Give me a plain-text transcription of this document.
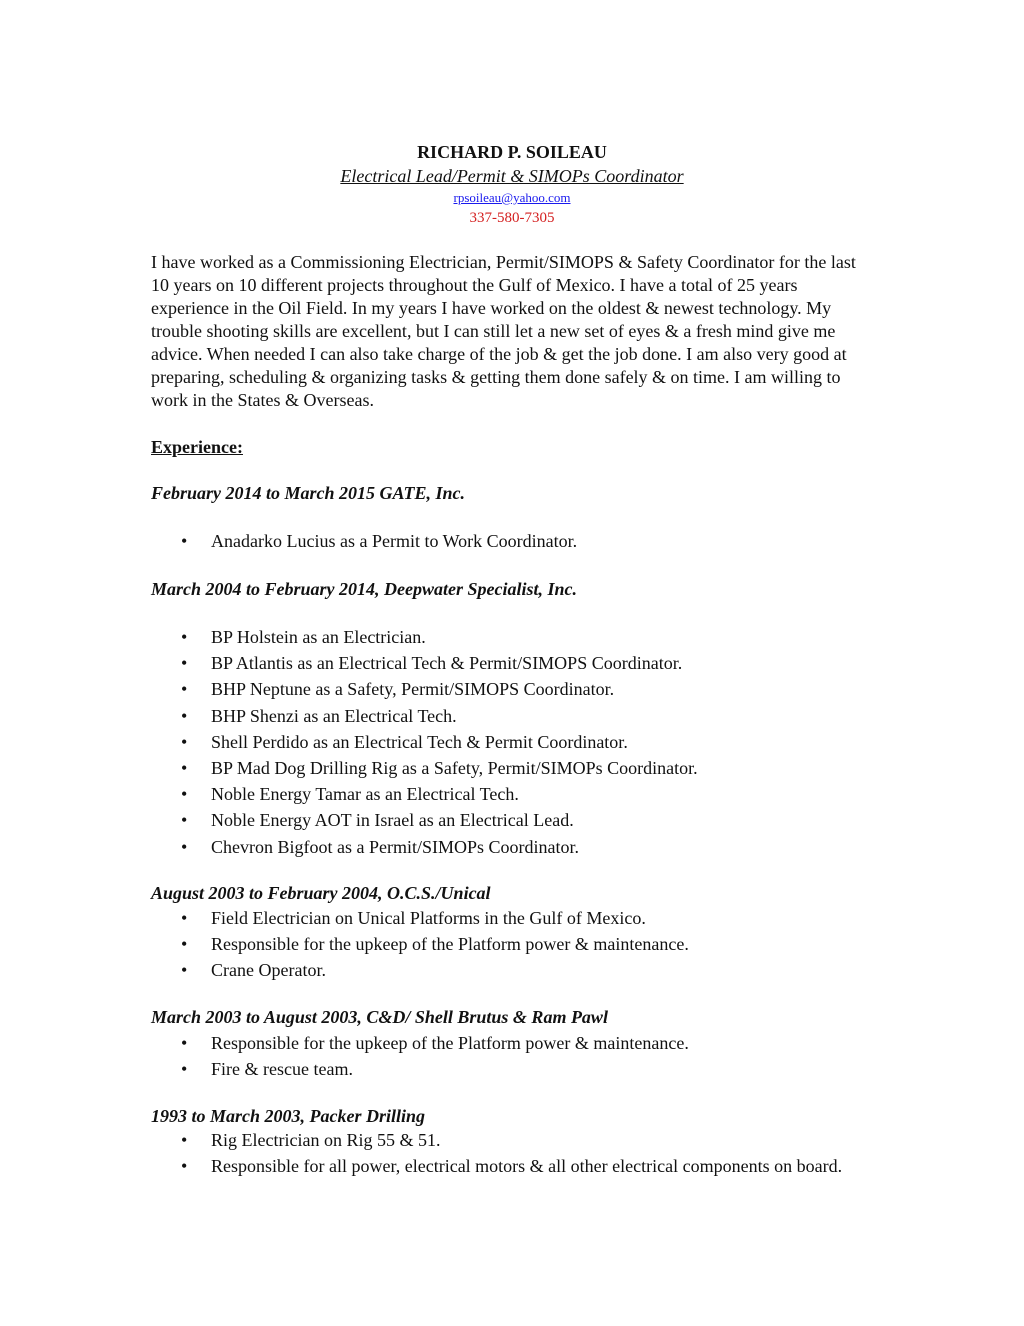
RICHARD P. SOILEAU
Electrical Lead/Permit & SIMOPs Coordinator
rpsoileau@yahoo.com
337-580-7305

I have worked as a Commissioning Electrician, Permit/SIMOPS & Safety Coordinator for the last 10 years on 10 different projects throughout the Gulf of Mexico. I have a total of 25 years experience in the Oil Field. In my years I have worked on the oldest & newest technology. My trouble shooting skills are excellent, but I can still let a new set of eyes & a fresh mind give me advice. When needed I can also take charge of the job & get the job done. I am also very good at preparing, scheduling & organizing tasks & getting them done safely & on time. I am willing to work in the States & Overseas.

Experience:
February 2014 to March 2015 GATE, Inc.
• Anadarko Lucius as a Permit to Work Coordinator.
March 2004 to February 2014, Deepwater Specialist, Inc.
• BP Holstein as an Electrician.
• BP Atlantis as an Electrical Tech & Permit/SIMOPS Coordinator.
• BHP Neptune as a Safety, Permit/SIMOPS Coordinator.
• BHP Shenzi as an Electrical Tech.
• Shell Perdido as an Electrical Tech & Permit Coordinator.
• BP Mad Dog Drilling Rig as a Safety, Permit/SIMOPs Coordinator.
• Noble Energy Tamar as an Electrical Tech.
• Noble Energy AOT in Israel as an Electrical Lead.
• Chevron Bigfoot as a Permit/SIMOPs Coordinator.
August 2003 to February 2004, O.C.S./Unical
• Field Electrician on Unical Platforms in the Gulf of Mexico.
• Responsible for the upkeep of the Platform power & maintenance.
• Crane Operator.
March 2003 to August 2003, C&D/ Shell Brutus & Ram Pawl
• Responsible for the upkeep of the Platform power & maintenance.
• Fire & rescue team.
1993 to March 2003, Packer Drilling
• Rig Electrician on Rig 55 & 51.
• Responsible for all power, electrical motors & all other electrical components on board.
